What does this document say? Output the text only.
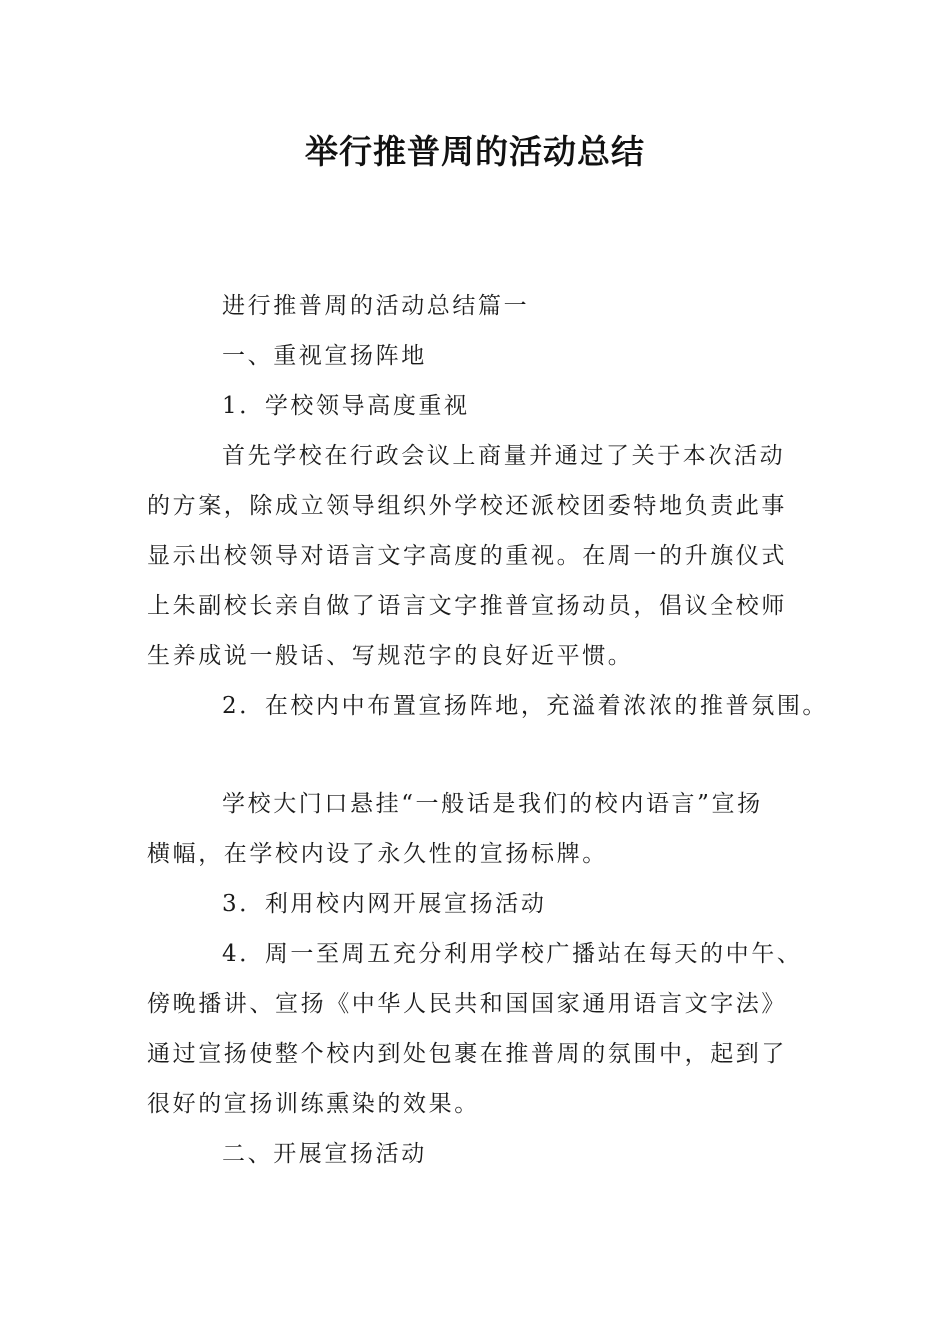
举行推普周的活动总结
进行推普周的活动总结篇一
一、重视宣扬阵地
1．学校领导高度重视
首先学校在行政会议上商量并通过了关于本次活动
的方案，除成立领导组织外学校还派校团委特地负责此事
显示出校领导对语言文字高度的重视。在周一的升旗仪式
上朱副校长亲自做了语言文字推普宣扬动员，倡议全校师
生养成说一般话、写规范字的良好近平惯。
2．在校内中布置宣扬阵地，充溢着浓浓的推普氛围。
学校大门口悬挂“一般话是我们的校内语言”宣扬
横幅，在学校内设了永久性的宣扬标牌。
3．利用校内网开展宣扬活动
4．周一至周五充分利用学校广播站在每天的中午、
傍晚播讲、宣扬《中华人民共和国国家通用语言文字法》
通过宣扬使整个校内到处包裹在推普周的氛围中，起到了
很好的宣扬训练熏染的效果。
二、开展宣扬活动
